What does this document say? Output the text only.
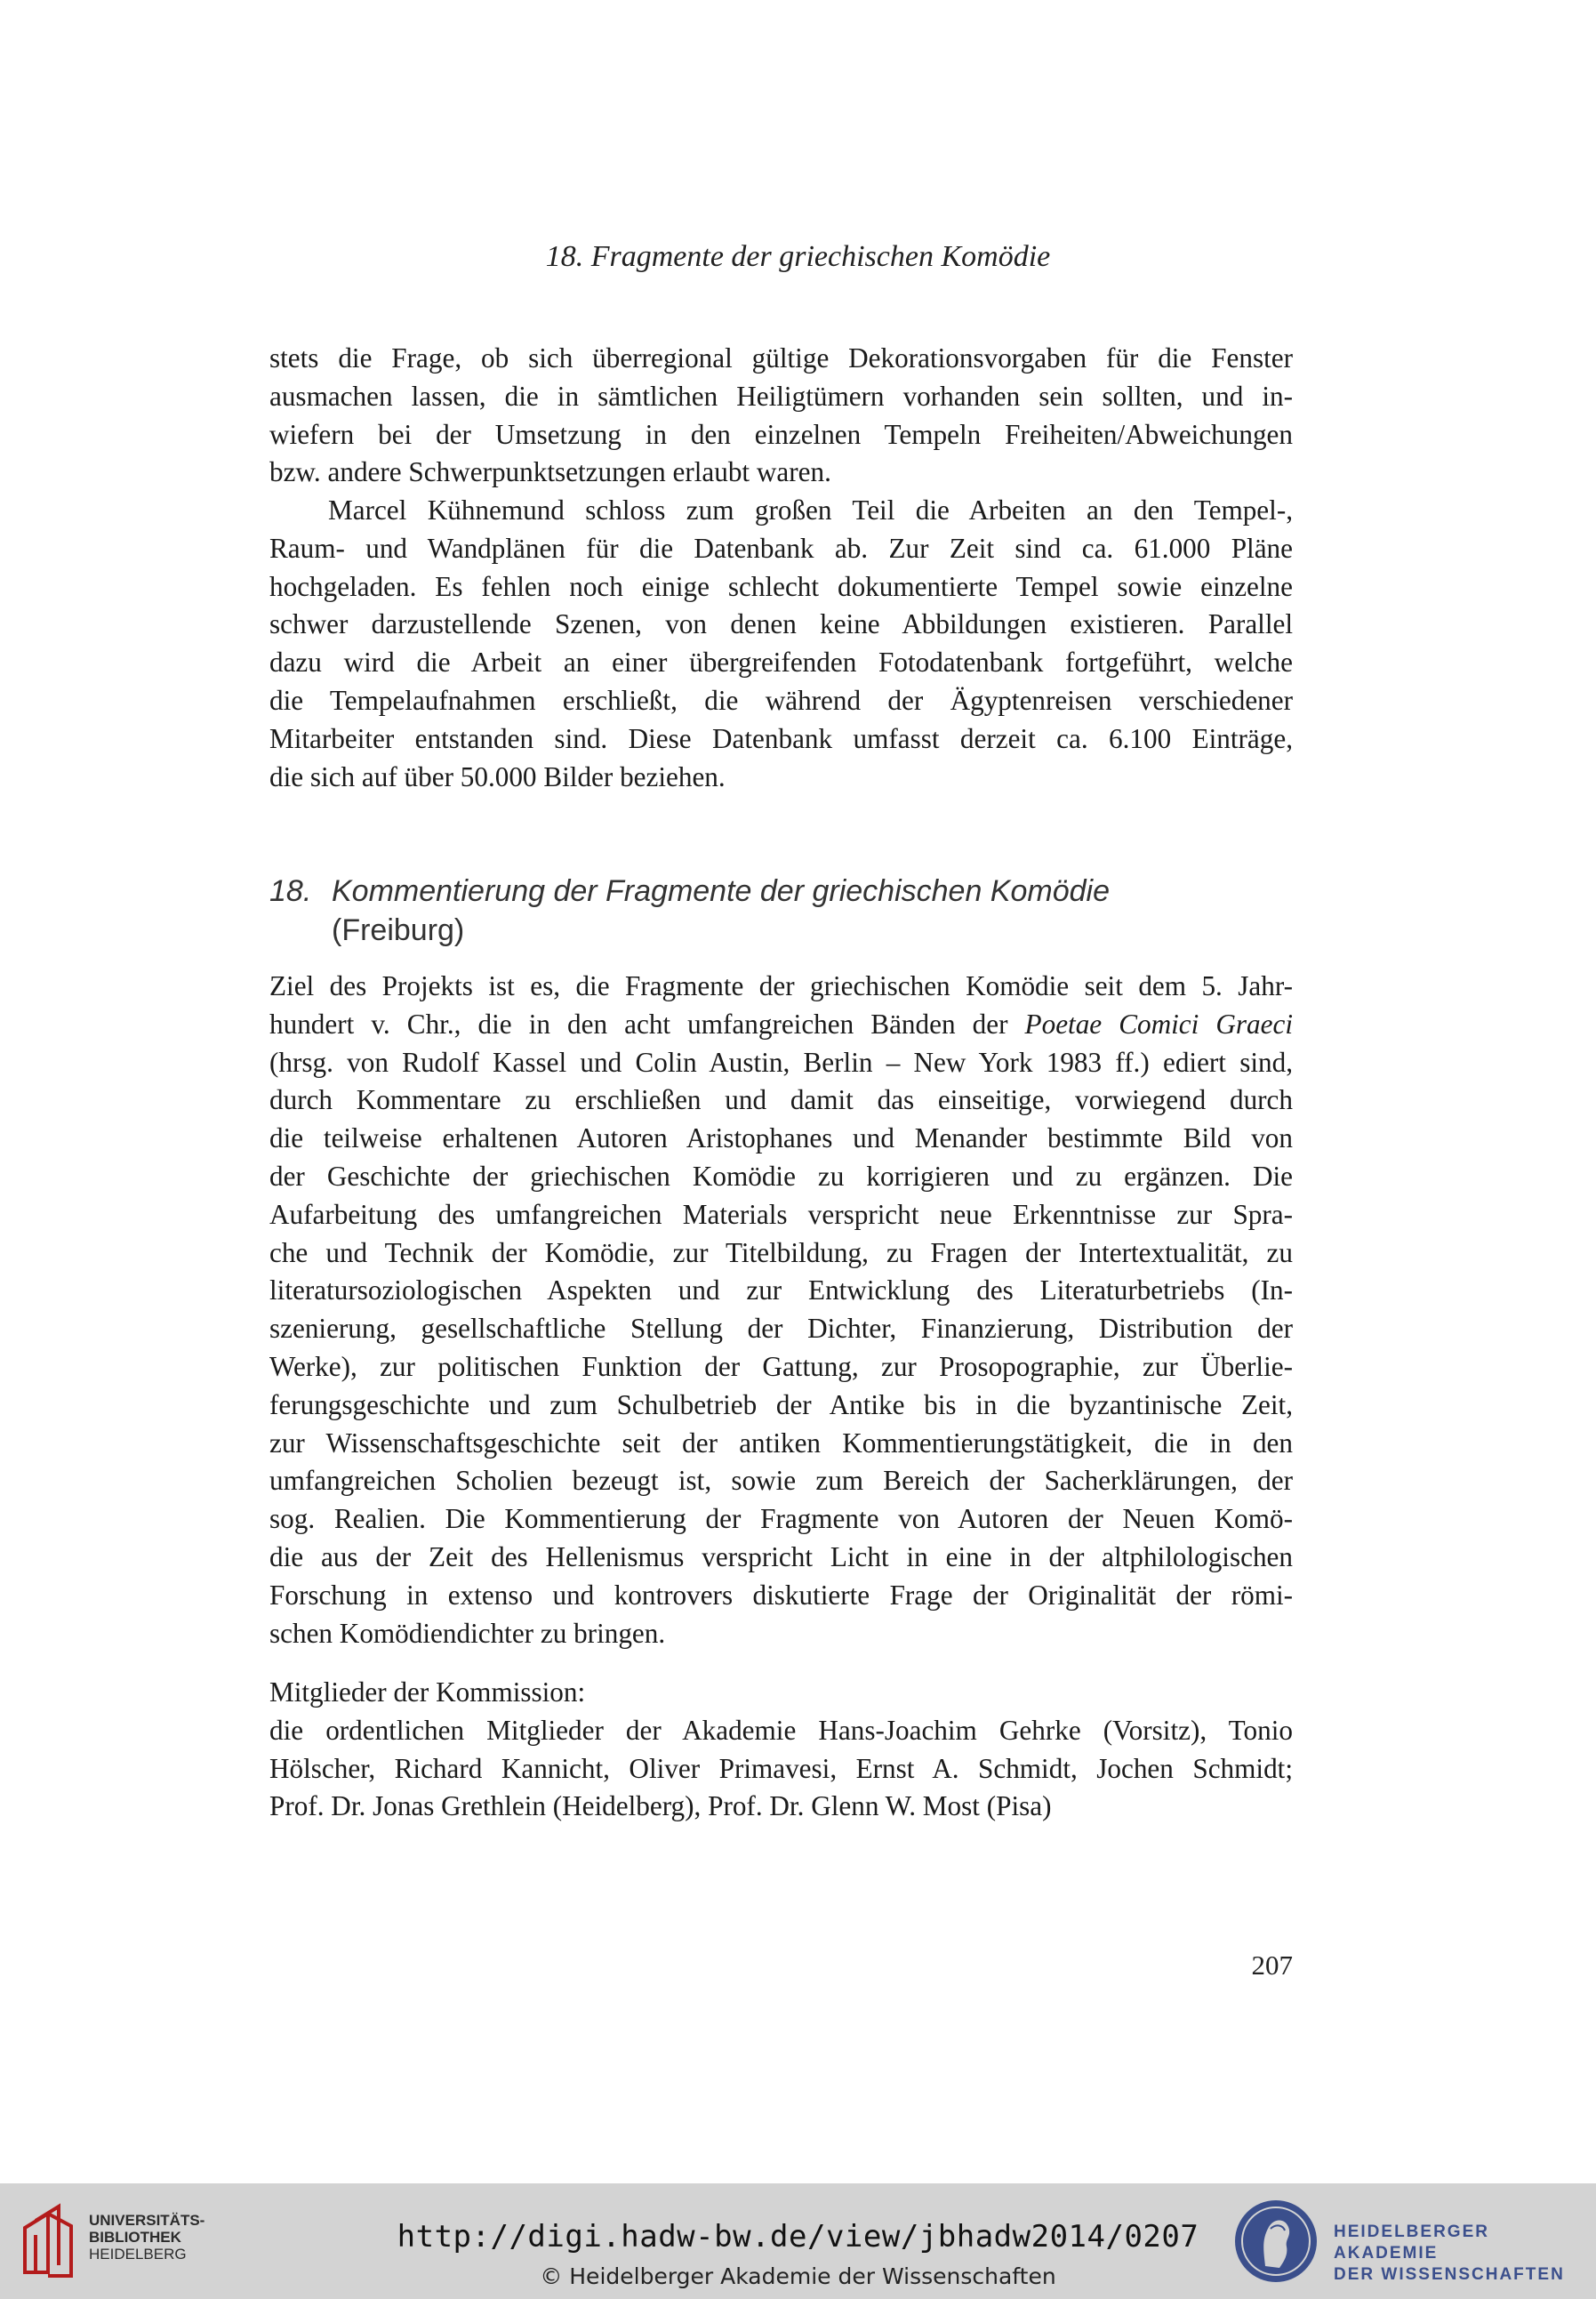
18. Fragmente der griechischen Komödie

stets die Frage, ob sich überregional gültige Dekorationsvorgaben für die Fenster
ausmachen lassen, die in sämtlichen Heiligtümern vorhanden sein sollten, und in-
wiefern bei der Umsetzung in den einzelnen Tempeln Freiheiten/Abweichungen
bzw. andere Schwerpunktsetzungen erlaubt waren.

Marcel Kühnemund schloss zum großen Teil die Arbeiten an den Tempel-,
Raum- und Wandplänen für die Datenbank ab. Zur Zeit sind ca. 61.000 Pläne
hochgeladen. Es fehlen noch einige schlecht dokumentierte Tempel sowie einzelne
schwer darzustellende Szenen, von denen keine Abbildungen existieren. Parallel
dazu wird die Arbeit an einer übergreifenden Fotodatenbank fortgeführt, welche
die Tempelaufnahmen erschließt, die während der Ägyptenreisen verschiedener
Mitarbeiter entstanden sind. Diese Datenbank umfasst derzeit ca. 6.100 Einträge,
die sich auf über 50.000 Bilder beziehen.

18. Kommentierung der Fragmente der griechischen Komödie
(Freiburg)

Ziel des Projekts ist es, die Fragmente der griechischen Komödie seit dem 5. Jahr-
hundert v. Chr., die in den acht umfangreichen Bänden der Poetae Comici Graeci
(hrsg. von Rudolf Kassel und Colin Austin, Berlin – New York 1983 ff.) ediert sind,
durch Kommentare zu erschließen und damit das einseitige, vorwiegend durch
die teilweise erhaltenen Autoren Aristophanes und Menander bestimmte Bild von
der Geschichte der griechischen Komödie zu korrigieren und zu ergänzen. Die
Aufarbeitung des umfangreichen Materials verspricht neue Erkenntnisse zur Spra-
che und Technik der Komödie, zur Titelbildung, zu Fragen der Intertextualität, zu
literatursoziologischen Aspekten und zur Entwicklung des Literaturbetriebs (In-
szenierung, gesellschaftliche Stellung der Dichter, Finanzierung, Distribution der
Werke), zur politischen Funktion der Gattung, zur Prosopographie, zur Überlie-
ferungsgeschichte und zum Schulbetrieb der Antike bis in die byzantinische Zeit,
zur Wissenschaftsgeschichte seit der antiken Kommentierungstätigkeit, die in den
umfangreichen Scholien bezeugt ist, sowie zum Bereich der Sacherklärungen, der
sog. Realien. Die Kommentierung der Fragmente von Autoren der Neuen Komö-
die aus der Zeit des Hellenismus verspricht Licht in eine in der altphilologischen
Forschung in extenso und kontrovers diskutierte Frage der Originalität der römi-
schen Komödiendichter zu bringen.

Mitglieder der Kommission:
die ordentlichen Mitglieder der Akademie Hans-Joachim Gehrke (Vorsitz), Tonio
Hölscher, Richard Kannicht, Oliver Primavesi, Ernst A. Schmidt, Jochen Schmidt;
Prof. Dr. Jonas Grethlein (Heidelberg), Prof. Dr. Glenn W. Most (Pisa)

207
UNIVERSITÄTS-
BIBLIOTHEK
HEIDELBERG	http://digi.hadw-bw.de/view/jbhadw2014/0207
© Heidelberger Akademie der Wissenschaften
HEIDELBERGER AKADEMIE
DER WISSENSCHAFTEN
